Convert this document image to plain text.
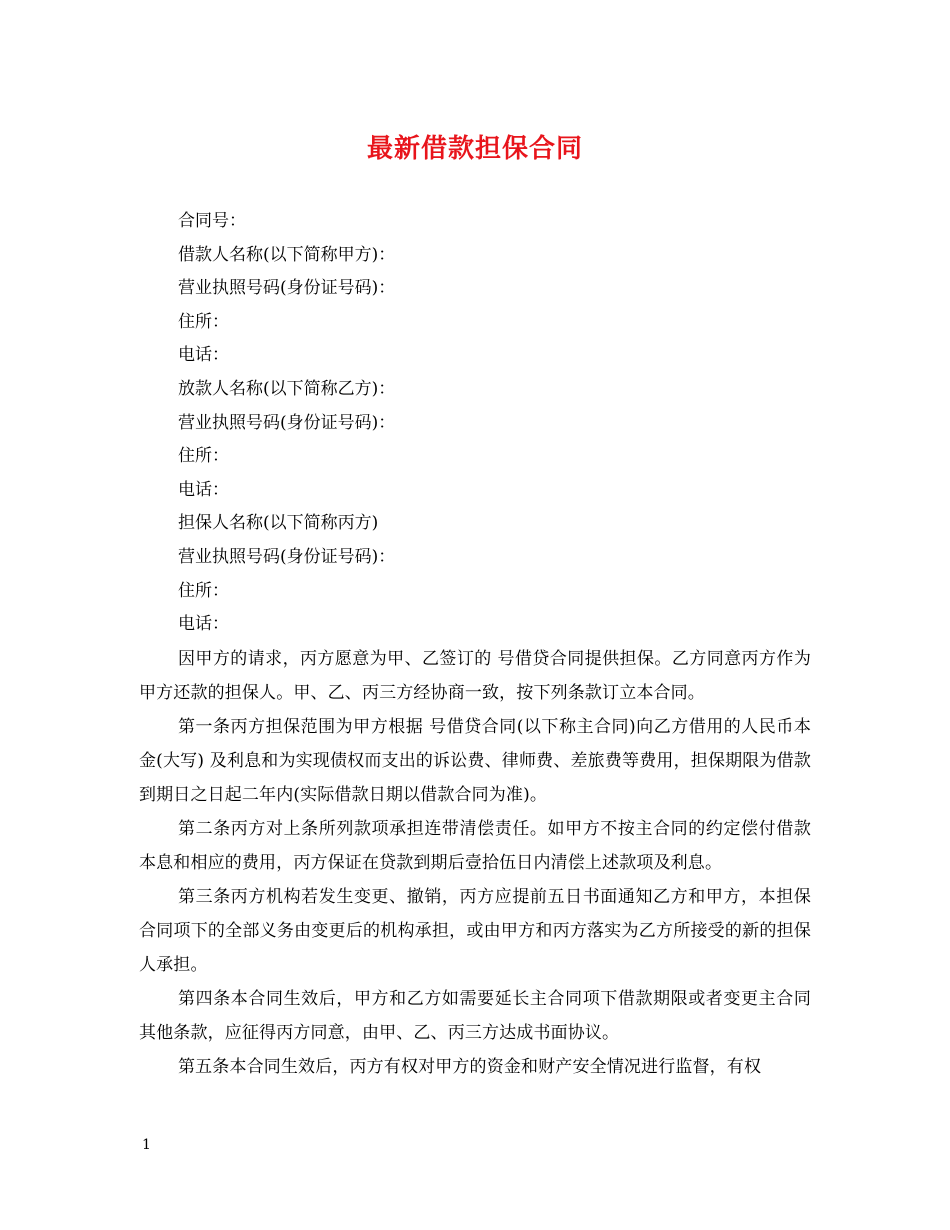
最新借款担保合同
合同号：
借款人名称(以下简称甲方)：
营业执照号码(身份证号码)：
住所：
电话：
放款人名称(以下简称乙方)：
营业执照号码(身份证号码)：
住所：
电话：
担保人名称(以下简称丙方)
营业执照号码(身份证号码)：
住所：
电话：

因甲方的请求，丙方愿意为甲、乙签订的 号借贷合同提供担保。乙方同意丙方作为甲方还款的担保人。甲、乙、丙三方经协商一致，按下列条款订立本合同。

第一条丙方担保范围为甲方根据 号借贷合同(以下称主合同)向乙方借用的人民币本金(大写) 及利息和为实现债权而支出的诉讼费、律师费、差旅费等费用，担保期限为借款到期日之日起二年内(实际借款日期以借款合同为准)。

第二条丙方对上条所列款项承担连带清偿责任。如甲方不按主合同的约定偿付借款本息和相应的费用，丙方保证在贷款到期后壹拾伍日内清偿上述款项及利息。

第三条丙方机构若发生变更、撤销，丙方应提前五日书面通知乙方和甲方，本担保合同项下的全部义务由变更后的机构承担，或由甲方和丙方落实为乙方所接受的新的担保人承担。

第四条本合同生效后，甲方和乙方如需要延长主合同项下借款期限或者变更主合同其他条款，应征得丙方同意，由甲、乙、丙三方达成书面协议。

第五条本合同生效后，丙方有权对甲方的资金和财产安全情况进行监督，有权

1
